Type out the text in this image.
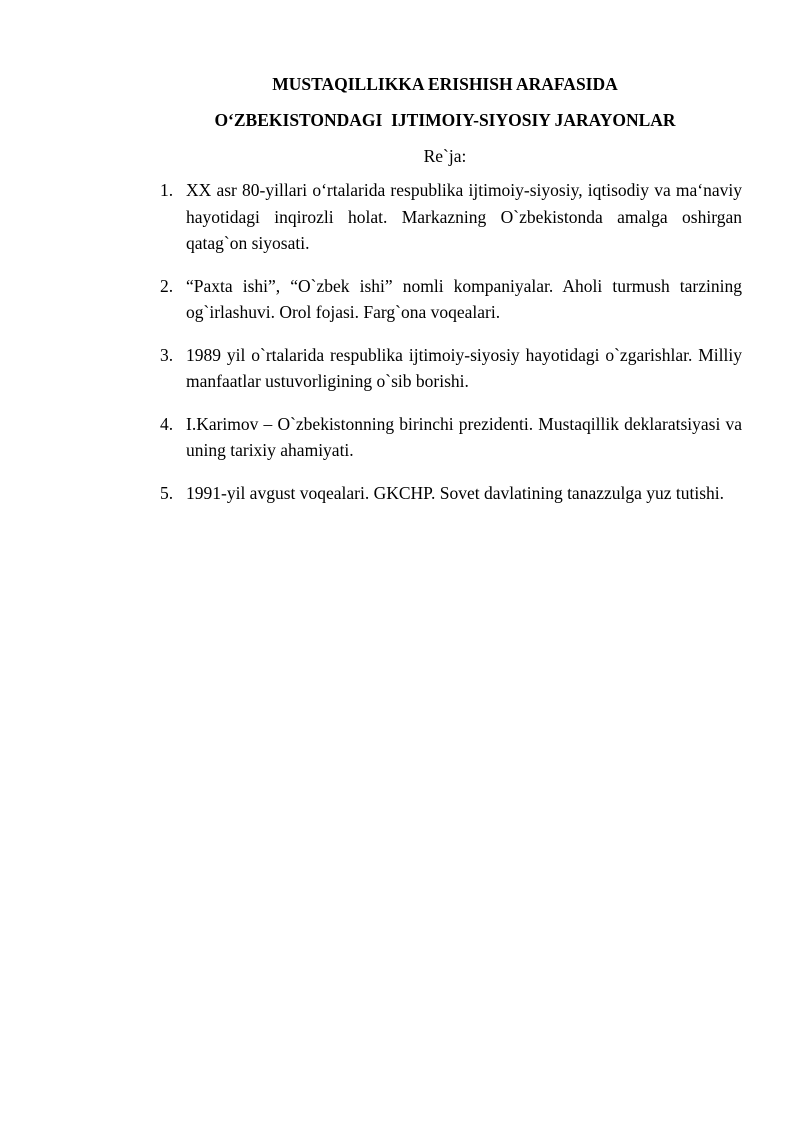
MUSTAQILLIKKA ERISHISH ARAFASIDA
O‘ZBEKISTONDAGI  IJTIMOIY-SIYOSIY JARAYONLAR
Re`ja:
1. XX asr 80-yillari o‘rtalarida respublika ijtimoiy-siyosiy, iqtisodiy va ma‘naviy hayotidagi inqirozli holat. Markazning O`zbekistonda amalga oshirgan qatag`on siyosati.
2. “Paxta ishi”, “O`zbek ishi” nomli kompaniyalar. Aholi turmush tarzining og`irlashuvi. Orol fojasi. Farg`ona voqealari.
3. 1989 yil o`rtalarida respublika ijtimoiy-siyosiy hayotidagi o`zgarishlar. Milliy manfaatlar ustuvorligining o`sib borishi.
4. I.Karimov – O`zbekistonning birinchi prezidenti. Mustaqillik deklaratsiyasi va uning tarixiy ahamiyati.
5. 1991-yil avgust voqealari. GKCHP. Sovet davlatining tanazzulga yuz tutishi.
